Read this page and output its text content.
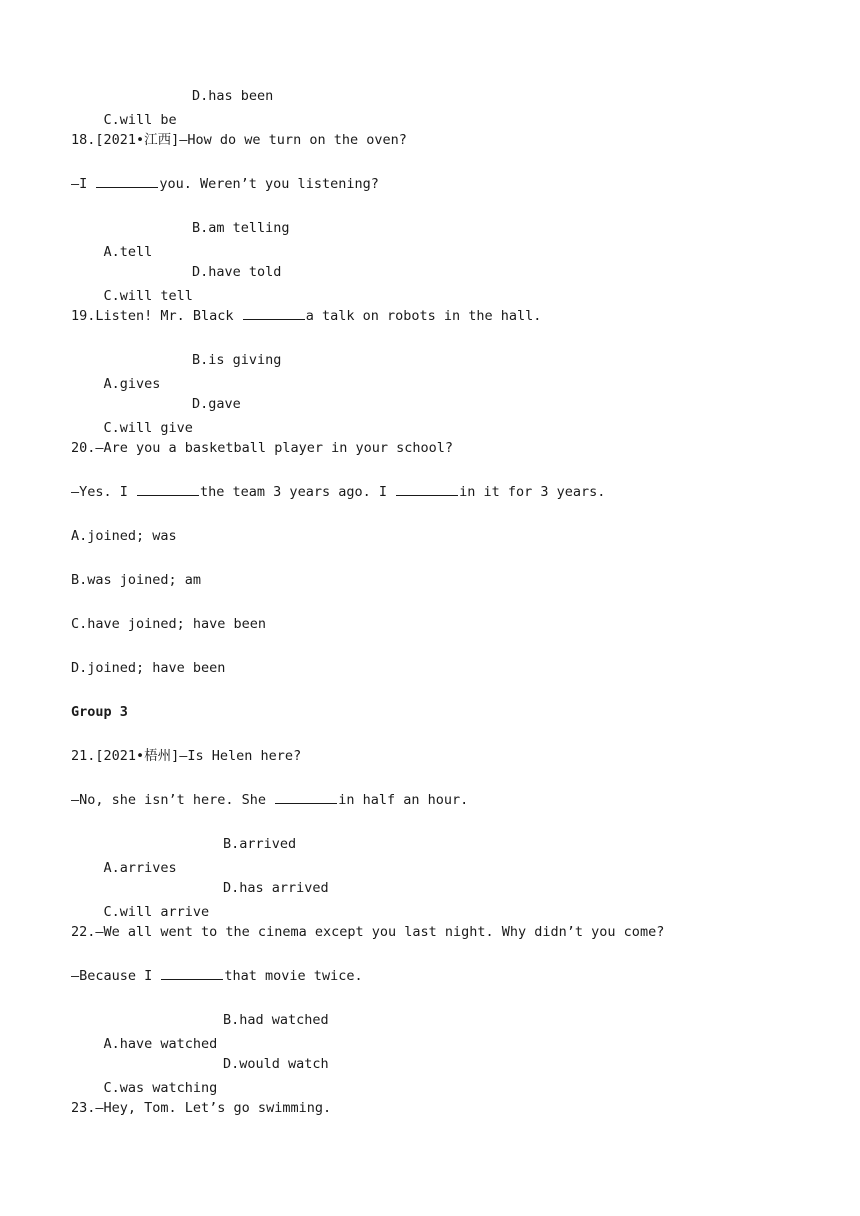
C.will be

D.has been

18.[2021•江西]—How do we turn on the oven?
—I	you. Weren’t you listening?

A.tell

B.am telling

C.will tell

D.have told

19.Listen! Mr. Black	a talk on robots in the hall.

A.gives

B.is giving

C.will give

D.gave

20.—Are you a basketball player in your school?
—Yes. I	the team 3 years ago. I	in it for 3 years.
A.joined; was
B.was joined; am
C.have joined; have been
D.joined; have been
Group 3
21.[2021•梧州]—Is Helen here?
—No, she isn’t here. She	in half an hour.

A.arrives

B.arrived

C.will arrive

D.has arrived

22.—We all went to the cinema except you last night. Why didn’t you come?
—Because I	that movie twice.

A.have watched

B.had watched

C.was watching

D.would watch

23.—Hey, Tom. Let’s go swimming.
